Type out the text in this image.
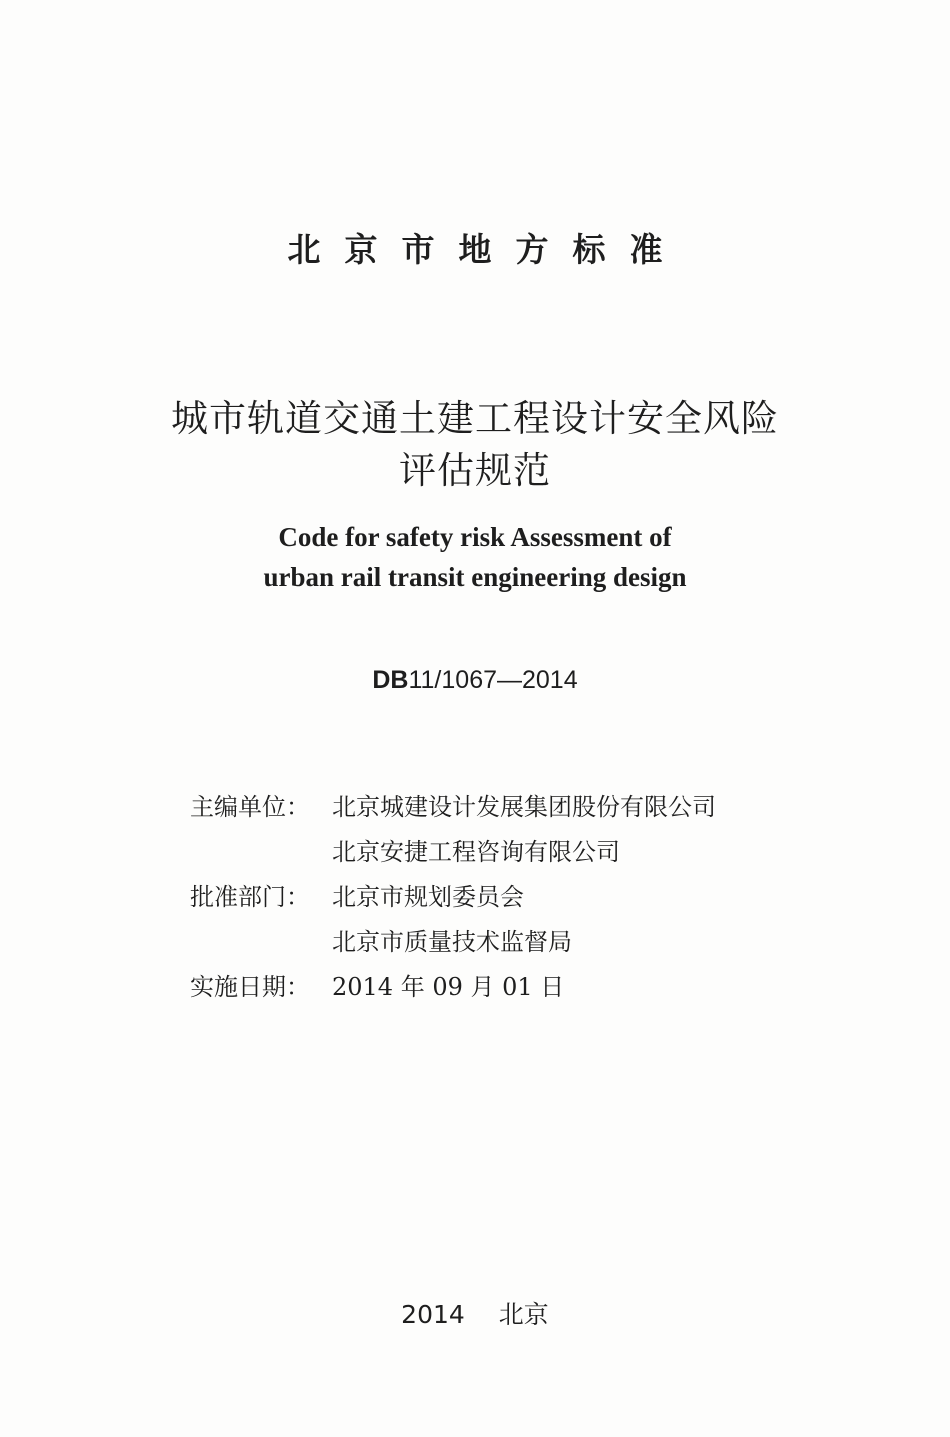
北京市地方标准
城市轨道交通土建工程设计安全风险
评估规范
Code for safety risk Assessment of
urban rail transit engineering design
DB11/1067—2014
主编单位： 北京城建设计发展集团股份有限公司
北京安捷工程咨询有限公司
批准部门： 北京市规划委员会
北京市质量技术监督局
实施日期： 2014 年 09 月 01 日
2014 北京
